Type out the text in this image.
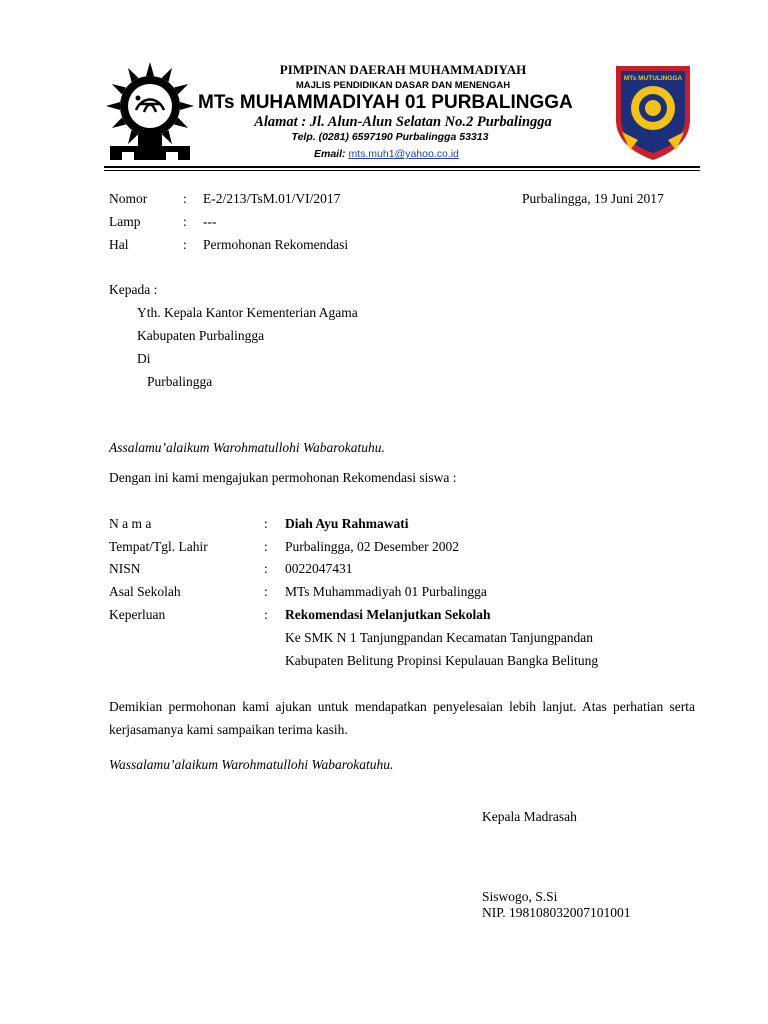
MTs MUTULINGGA
PIMPINAN DAERAH MUHAMMADIYAH
MAJLIS PENDIDIKAN DASAR DAN MENENGAH
MTs MUHAMMADIYAH 01 PURBALINGGA
Alamat : Jl. Alun-Alun Selatan No.2 Purbalingga
Telp. (0281) 6597190 Purbalingga 53313
Email: mts.muh1@yahoo.co.id
Nomor	: E-2/213/TsM.01/VI/2017	Purbalingga, 19 Juni 2017
Lamp	: ---
Hal	: Permohonan Rekomendasi
Kepada :
Yth. Kepala Kantor Kementerian Agama
Kabupaten Purbalingga
Di
Purbalingga
Assalamu’alaikum Warohmatullohi Wabarokatuhu.
Dengan ini kami mengajukan permohonan Rekomendasi siswa :
N a m a	: Diah Ayu Rahmawati
Tempat/Tgl. Lahir	: Purbalingga, 02 Desember 2002
NISN	: 0022047431
Asal Sekolah	: MTs Muhammadiyah 01 Purbalingga
Keperluan	: Rekomendasi Melanjutkan Sekolah
Ke SMK N 1 Tanjungpandan Kecamatan Tanjungpandan
Kabupaten Belitung Propinsi Kepulauan Bangka Belitung
Demikian permohonan kami ajukan untuk mendapatkan penyelesaian lebih lanjut. Atas perhatian serta kerjasamanya kami sampaikan terima kasih.
Wassalamu’alaikum Warohmatullohi Wabarokatuhu.
Kepala Madrasah
Siswogo, S.Si
NIP. 198108032007101001
